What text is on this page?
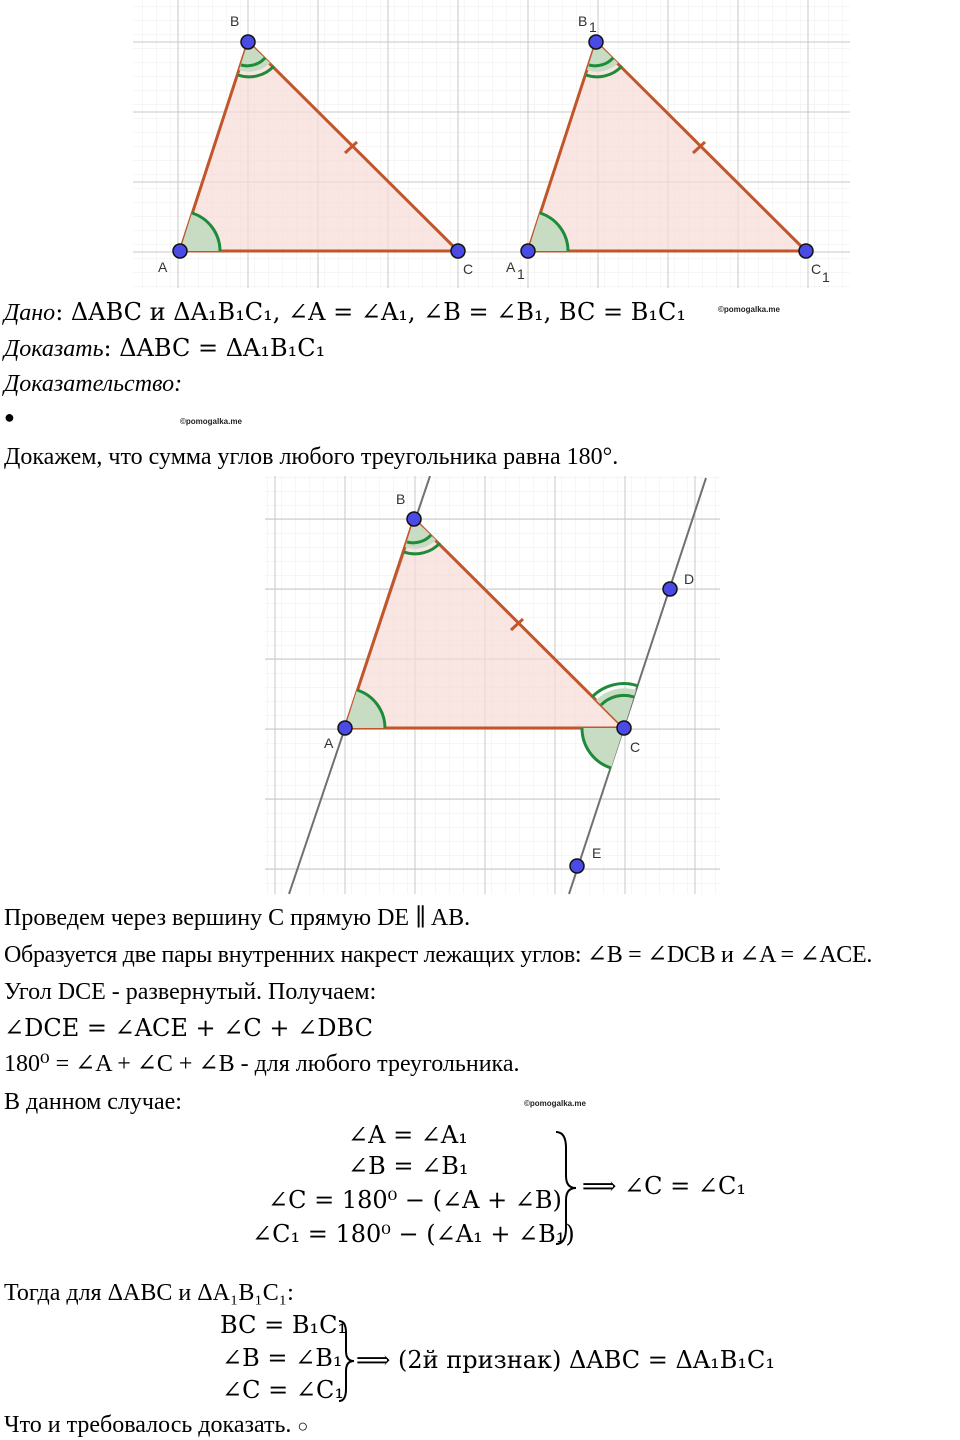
A
B
C A 1
B 1
C 1
Дано: ΔABC и ΔA₁B₁C₁, ∠A = ∠A₁, ∠B = ∠B₁, BC = B₁C₁	©pomogalka.me
Доказать: ΔABC = ΔA₁B₁C₁
Доказательство:
●	©pomogalka.me
Докажем, что сумма углов любого треугольника равна 180°.
A
B
C
D
E
Проведем через вершину C прямую DE ∥ AB.
Образуется две пары внутренних накрест лежащих углов: ∠B = ∠DCB и ∠A = ∠ACE.
Угол DCE - развернутый. Получаем:
∠DCE = ∠ACE + ∠C + ∠DBC
180⁰ = ∠A + ∠C + ∠B - для любого треугольника.
В данном случае:	©pomogalka.me
∠A = ∠A₁
∠B = ∠B₁
∠C = 180⁰ − (∠A + ∠B)
∠C₁ = 180⁰ − (∠A₁ + ∠B₁)
⟹ ∠C = ∠C₁
Тогда для ΔABC и ΔA₁B₁C₁:
BC = B₁C₁
∠B = ∠B₁
∠C = ∠C₁
⟹ (2й признак) ΔABC = ΔA₁B₁C₁
Что и требовалось доказать. ○
